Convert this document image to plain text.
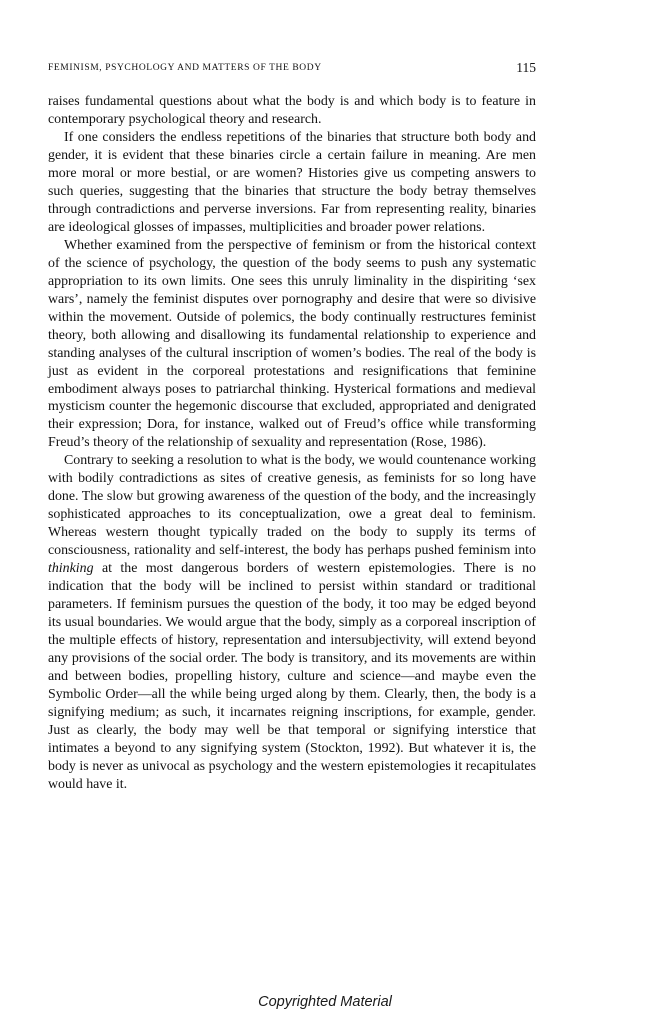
FEMINISM, PSYCHOLOGY AND MATTERS OF THE BODY	115

raises fundamental questions about what the body is and which body is to feature in contemporary psychological theory and research.

If one considers the endless repetitions of the binaries that structure both body and gender, it is evident that these binaries circle a certain failure in meaning. Are men more moral or more bestial, or are women? Histories give us competing answers to such queries, suggesting that the binaries that structure the body betray themselves through contradictions and perverse inversions. Far from representing reality, binaries are ideological glosses of impasses, multiplicities and broader power relations.

Whether examined from the perspective of feminism or from the historical context of the science of psychology, the question of the body seems to push any systematic appropriation to its own limits. One sees this unruly liminality in the dispiriting ‘sex wars’, namely the feminist disputes over pornography and desire that were so divisive within the movement. Outside of polemics, the body continually restructures feminist theory, both allowing and disallowing its fundamental relationship to experience and standing analyses of the cultural inscription of women’s bodies. The real of the body is just as evident in the corporeal protestations and resignifications that feminine embodiment always poses to patriarchal thinking. Hysterical formations and medieval mysticism counter the hegemonic discourse that excluded, appropriated and denigrated their expression; Dora, for instance, walked out of Freud’s office while transforming Freud’s theory of the relationship of sexuality and representation (Rose, 1986).

Contrary to seeking a resolution to what is the body, we would countenance working with bodily contradictions as sites of creative genesis, as feminists for so long have done. The slow but growing awareness of the question of the body, and the increasingly sophisticated approaches to its conceptualization, owe a great deal to feminism. Whereas western thought typically traded on the body to supply its terms of consciousness, rationality and self-interest, the body has perhaps pushed feminism into thinking at the most dangerous borders of western epistemologies. There is no indication that the body will be inclined to persist within standard or traditional parameters. If feminism pursues the question of the body, it too may be edged beyond its usual boundaries. We would argue that the body, simply as a corporeal inscription of the multiple effects of history, representation and intersubjectivity, will extend beyond any provisions of the social order. The body is transitory, and its movements are within and between bodies, propelling history, culture and science—and maybe even the Symbolic Order—all the while being urged along by them. Clearly, then, the body is a signifying medium; as such, it incarnates reigning inscriptions, for example, gender. Just as clearly, the body may well be that temporal or signifying interstice that intimates a beyond to any signifying system (Stockton, 1992). But whatever it is, the body is never as univocal as psychology and the western epistemologies it recapitulates would have it.

Copyrighted Material
